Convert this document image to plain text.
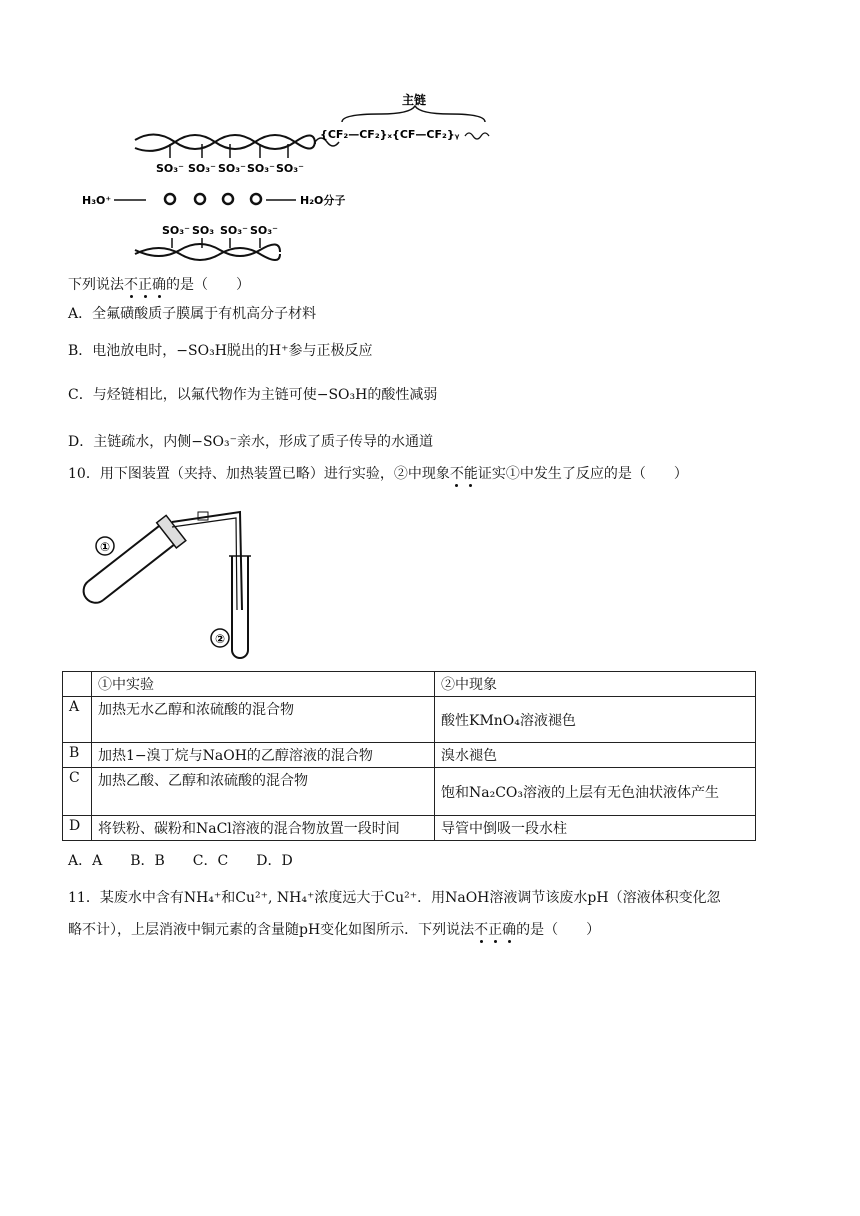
主链
{CF₂—CF₂}ₓ{CF—CF₂}ᵧ
SO₃⁻ SO₃⁻ SO₃⁻ SO₃⁻ SO₃⁻
H₃O⁺	H₂O分子
SO₃⁻ SO₃ SO₃⁻ SO₃⁻
下列说法不正确的是（　　）
A．全氟磺酸质子膜属于有机高分子材料
B．电池放电时，−SO₃H脱出的H⁺参与正极反应
C．与烃链相比，以氟代物作为主链可使−SO₃H的酸性减弱
D．主链疏水，内侧−SO₃⁻亲水，形成了质子传导的水通道
10．用下图装置（夹持、加热装置已略）进行实验，②中现象不能证实①中发生了反应的是（　　）
①
②
	①中实验	②中现象
A	加热无水乙醇和浓硫酸的混合物	酸性KMnO₄溶液褪色
B	加热1−溴丁烷与NaOH的乙醇溶液的混合物	溴水褪色
C	加热乙酸、乙醇和浓硫酸的混合物	饱和Na₂CO₃溶液的上层有无色油状液体产生
D	将铁粉、碳粉和NaCl溶液的混合物放置一段时间	导管中倒吸一段水柱
A．A　　B．B　　C．C　　D．D
11．某废水中含有NH₄⁺和Cu²⁺, NH₄⁺浓度远大于Cu²⁺．用NaOH溶液调节该废水pH（溶液体积变化忽
略不计），上层消液中铜元素的含量随pH变化如图所示．下列说法不正确的是（　　）
